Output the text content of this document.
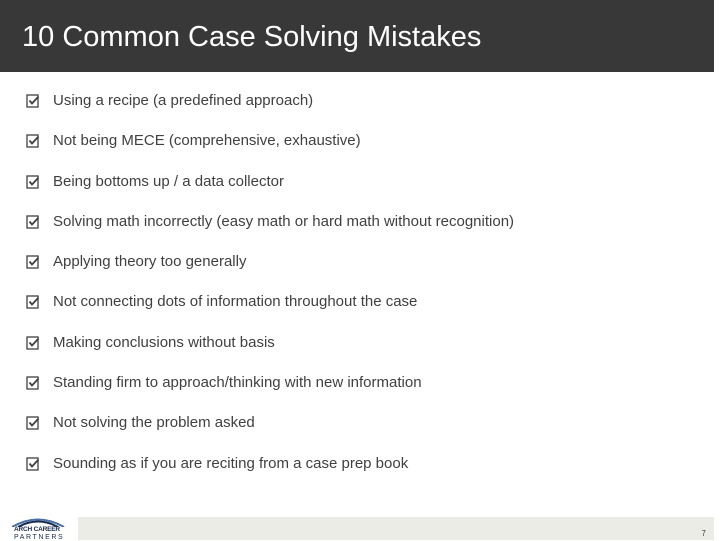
10 Common Case Solving Mistakes
Using a recipe (a predefined approach)
Not being MECE (comprehensive, exhaustive)
Being bottoms up / a data collector
Solving math incorrectly (easy math or hard math without recognition)
Applying theory too generally
Not connecting dots of information throughout the case
Making conclusions without basis
Standing firm to approach/thinking with new information
Not solving the problem asked
Sounding as if you are reciting from a case prep book
ARCH CAREER
PARTNERS	7
